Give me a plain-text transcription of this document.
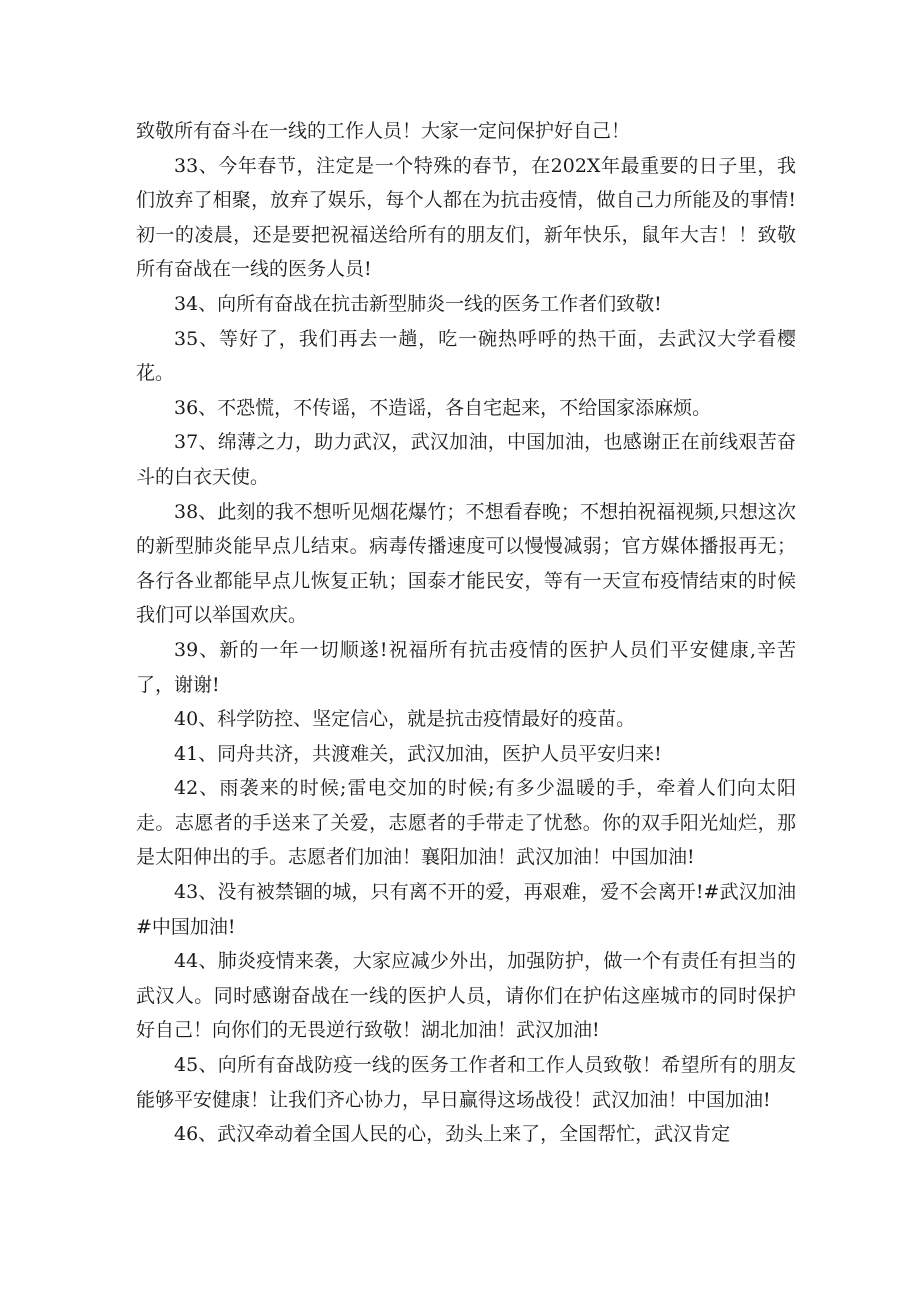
致敬所有奋斗在一线的工作人员！大家一定问保护好自己！

33、今年春节，注定是一个特殊的春节，在202X年最重要的日子里，我们放弃了相聚，放弃了娱乐，每个人都在为抗击疫情，做自己力所能及的事情!初一的凌晨，还是要把祝福送给所有的朋友们，新年快乐，鼠年大吉！！致敬所有奋战在一线的医务人员!

34、向所有奋战在抗击新型肺炎一线的医务工作者们致敬!

35、等好了，我们再去一趟，吃一碗热呼呼的热干面，去武汉大学看樱花。

36、不恐慌，不传谣，不造谣，各自宅起来，不给国家添麻烦。

37、绵薄之力，助力武汉，武汉加油，中国加油，也感谢正在前线艰苦奋斗的白衣天使。

38、此刻的我不想听见烟花爆竹；不想看春晚；不想拍祝福视频,只想这次的新型肺炎能早点儿结束。病毒传播速度可以慢慢减弱；官方媒体播报再无；各行各业都能早点儿恢复正轨；国泰才能民安，等有一天宣布疫情结束的时候我们可以举国欢庆。

39、新的一年一切顺遂!祝福所有抗击疫情的医护人员们平安健康,辛苦了，谢谢!

40、科学防控、坚定信心，就是抗击疫情最好的疫苗。

41、同舟共济，共渡难关，武汉加油，医护人员平安归来!

42、雨袭来的时候;雷电交加的时候;有多少温暖的手，牵着人们向太阳走。志愿者的手送来了关爱，志愿者的手带走了忧愁。你的双手阳光灿烂，那是太阳伸出的手。志愿者们加油！襄阳加油！武汉加油！中国加油!

43、没有被禁锢的城，只有离不开的爱，再艰难，爱不会离开!#武汉加油#中国加油!

44、肺炎疫情来袭，大家应减少外出，加强防护，做一个有责任有担当的武汉人。同时感谢奋战在一线的医护人员，请你们在护佑这座城市的同时保护好自己！向你们的无畏逆行致敬！湖北加油！武汉加油!

45、向所有奋战防疫一线的医务工作者和工作人员致敬！希望所有的朋友能够平安健康！让我们齐心协力，早日赢得这场战役！武汉加油！中国加油!

46、武汉牵动着全国人民的心，劲头上来了，全国帮忙，武汉肯定
